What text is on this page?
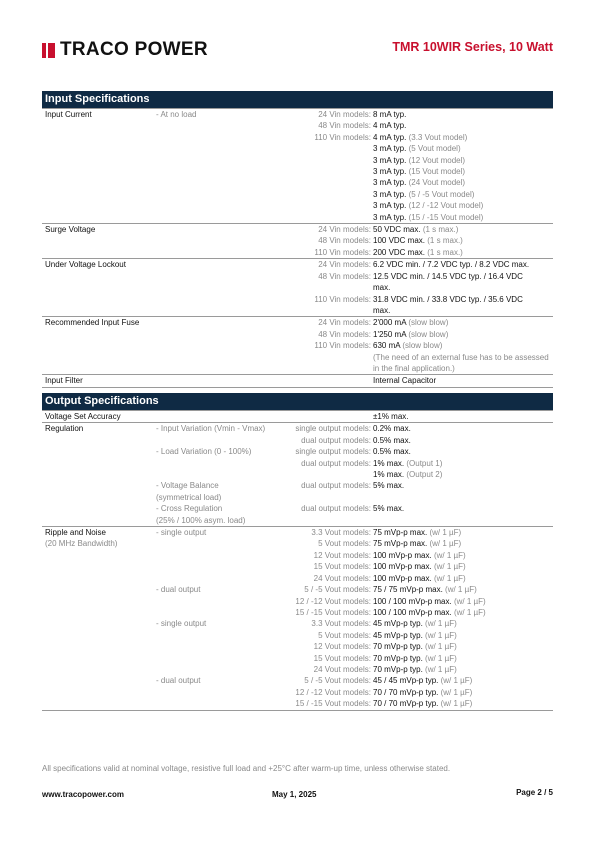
TRACO POWER	TMR 10WIR Series, 10 Watt
Input Specifications
Input Current	- At no load	24 Vin models:	8 mA typ.
		48 Vin models:	4 mA typ.
		110 Vin models:	4 mA typ. (3.3 Vout model)
			3 mA typ. (5 Vout model)
			3 mA typ. (12 Vout model)
			3 mA typ. (15 Vout model)
			3 mA typ. (24 Vout model)
			3 mA typ. (5 / -5 Vout model)
			3 mA typ. (12 / -12 Vout model)
			3 mA typ. (15 / -15 Vout model)
Surge Voltage		24 Vin models:	50 VDC max. (1 s max.)
		48 Vin models:	100 VDC max. (1 s max.)
		110 Vin models:	200 VDC max. (1 s max.)
Under Voltage Lockout		24 Vin models:	6.2 VDC min. / 7.2 VDC typ. / 8.2 VDC max.
		48 Vin models:	12.5 VDC min. / 14.5 VDC typ. / 16.4 VDC
			max.
		110 Vin models:	31.8 VDC min. / 33.8 VDC typ. / 35.6 VDC
			max.
Recommended Input Fuse		24 Vin models:	2'000 mA (slow blow)
		48 Vin models:	1'250 mA (slow blow)
		110 Vin models:	630 mA (slow blow)
			(The need of an external fuse has to be assessed
			in the final application.)
Input Filter			Internal Capacitor
Output Specifications
Voltage Set Accuracy			±1% max.
Regulation	- Input Variation (Vmin - Vmax)	single output models:	0.2% max.
		dual output models:	0.5% max.
	- Load Variation (0 - 100%)	single output models:	0.5% max.
		dual output models:	1% max. (Output 1)
			1% max. (Output 2)
	- Voltage Balance	dual output models:	5% max.
	(symmetrical load)		
	- Cross Regulation	dual output models:	5% max.
	(25% / 100% asym. load)		
Ripple and Noise	- single output	3.3 Vout models:	75 mVp-p max. (w/ 1 µF)
(20 MHz Bandwidth)		5 Vout models:	75 mVp-p max. (w/ 1 µF)
		12 Vout models:	100 mVp-p max. (w/ 1 µF)
		15 Vout models:	100 mVp-p max. (w/ 1 µF)
		24 Vout models:	100 mVp-p max. (w/ 1 µF)
	- dual output	5 / -5 Vout models:	75 / 75 mVp-p max. (w/ 1 µF)
		12 / -12 Vout models:	100 / 100 mVp-p max. (w/ 1 µF)
		15 / -15 Vout models:	100 / 100 mVp-p max. (w/ 1 µF)
	- single output	3.3 Vout models:	45 mVp-p typ. (w/ 1 µF)
		5 Vout models:	45 mVp-p typ. (w/ 1 µF)
		12 Vout models:	70 mVp-p typ. (w/ 1 µF)
		15 Vout models:	70 mVp-p typ. (w/ 1 µF)
		24 Vout models:	70 mVp-p typ. (w/ 1 µF)
	- dual output	5 / -5 Vout models:	45 / 45 mVp-p typ. (w/ 1 µF)
		12 / -12 Vout models:	70 / 70 mVp-p typ. (w/ 1 µF)
		15 / -15 Vout models:	70 / 70 mVp-p typ. (w/ 1 µF)
All specifications valid at nominal voltage, resistive full load and +25°C after warm-up time, unless otherwise stated.
www.tracopower.com	May 1, 2025	Page 2 / 5
